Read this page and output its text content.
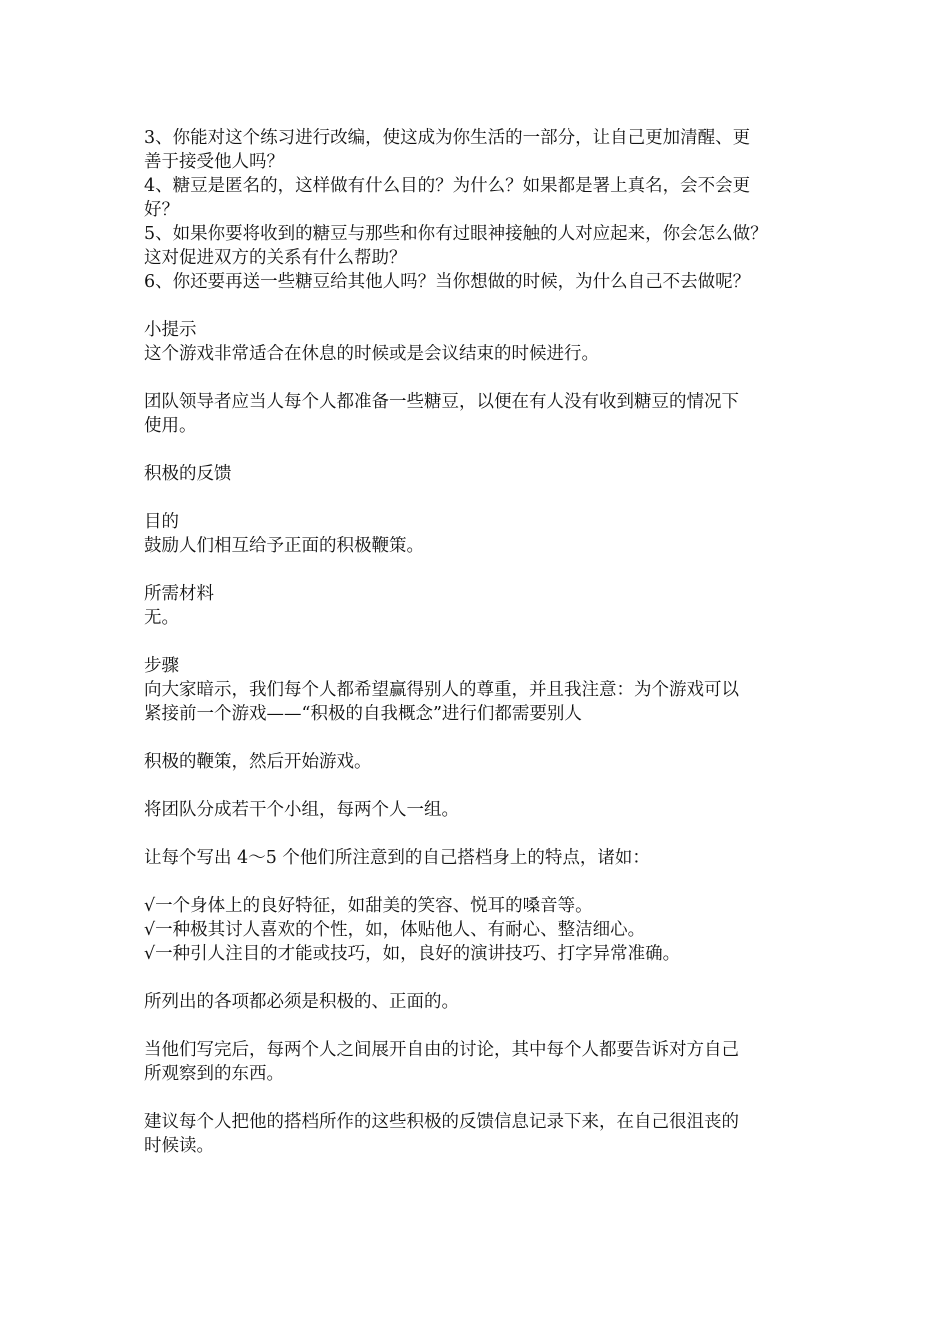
3、你能对这个练习进行改编，使这成为你生活的一部分，让自己更加清醒、更
善于接受他人吗？
4、糖豆是匿名的，这样做有什么目的？为什么？如果都是署上真名，会不会更
好？
5、如果你要将收到的糖豆与那些和你有过眼神接触的人对应起来，你会怎么做？
这对促进双方的关系有什么帮助？
6、你还要再送一些糖豆给其他人吗？当你想做的时候，为什么自己不去做呢？
小提示
这个游戏非常适合在休息的时候或是会议结束的时候进行。
团队领导者应当人每个人都准备一些糖豆，以便在有人没有收到糖豆的情况下
使用。
积极的反馈
目的
鼓励人们相互给予正面的积极鞭策。
所需材料
无。
步骤
向大家暗示，我们每个人都希望赢得别人的尊重，并且我注意：为个游戏可以
紧接前一个游戏——“积极的自我概念”进行们都需要别人
积极的鞭策，然后开始游戏。
将团队分成若干个小组，每两个人一组。
让每个写出 4～5 个他们所注意到的自己搭档身上的特点，诸如：
√一个身体上的良好特征，如甜美的笑容、悦耳的嗓音等。
√一种极其讨人喜欢的个性，如，体贴他人、有耐心、整洁细心。
√一种引人注目的才能或技巧，如，良好的演讲技巧、打字异常准确。
所列出的各项都必须是积极的、正面的。
当他们写完后，每两个人之间展开自由的讨论，其中每个人都要告诉对方自己
所观察到的东西。
建议每个人把他的搭档所作的这些积极的反馈信息记录下来，在自己很沮丧的
时候读。
